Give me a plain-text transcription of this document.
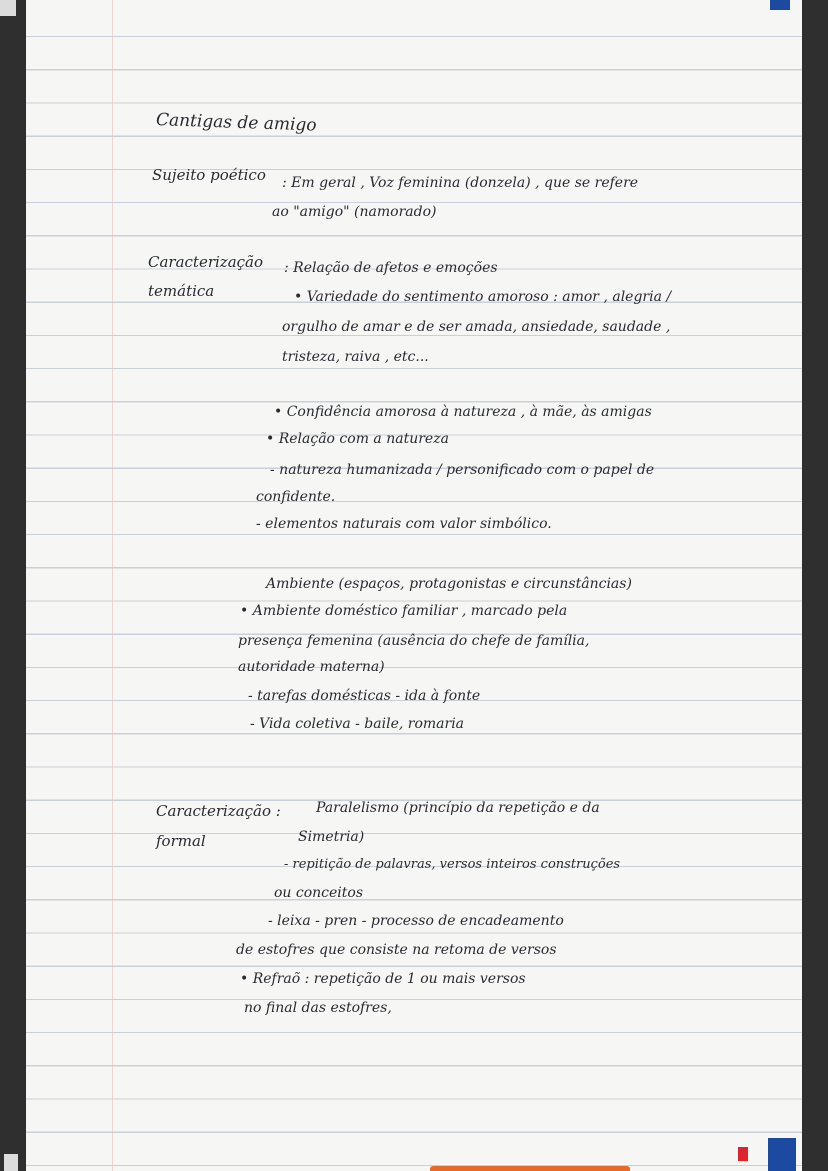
Cantigas de amigo
Sujeito poético : Em geral , Voz feminina (donzela) , que se refere
ao "amigo" (namorado)
Caracterização
temática
: Relação de afetos e emoções
• Variedade do sentimento amoroso : amor , alegria /
orgulho de amar e de ser amada, ansiedade, saudade ,
tristeza, raiva , etc...
• Confidência amorosa à natureza , à mãe, às amigas
• Relação com a natureza
- natureza humanizada / personificado com o papel de
confidente.
- elementos naturais com valor simbólico.
Ambiente (espaços, protagonistas e circunstâncias)
• Ambiente doméstico familiar , marcado pela
presença femenina (ausência do chefe de família,
autoridade materna)
- tarefas domésticas - ida à fonte
- Vida coletiva - baile, romaria
Caracterização :
formal
Paralelismo (princípio da repetição e da
Simetria)
- repitição de palavras, versos inteiros construções
ou conceitos
- leixa - pren - processo de encadeamento
de estofres que consiste na retoma de versos
• Refraõ : repetição de 1 ou mais versos
no final das estofres,
